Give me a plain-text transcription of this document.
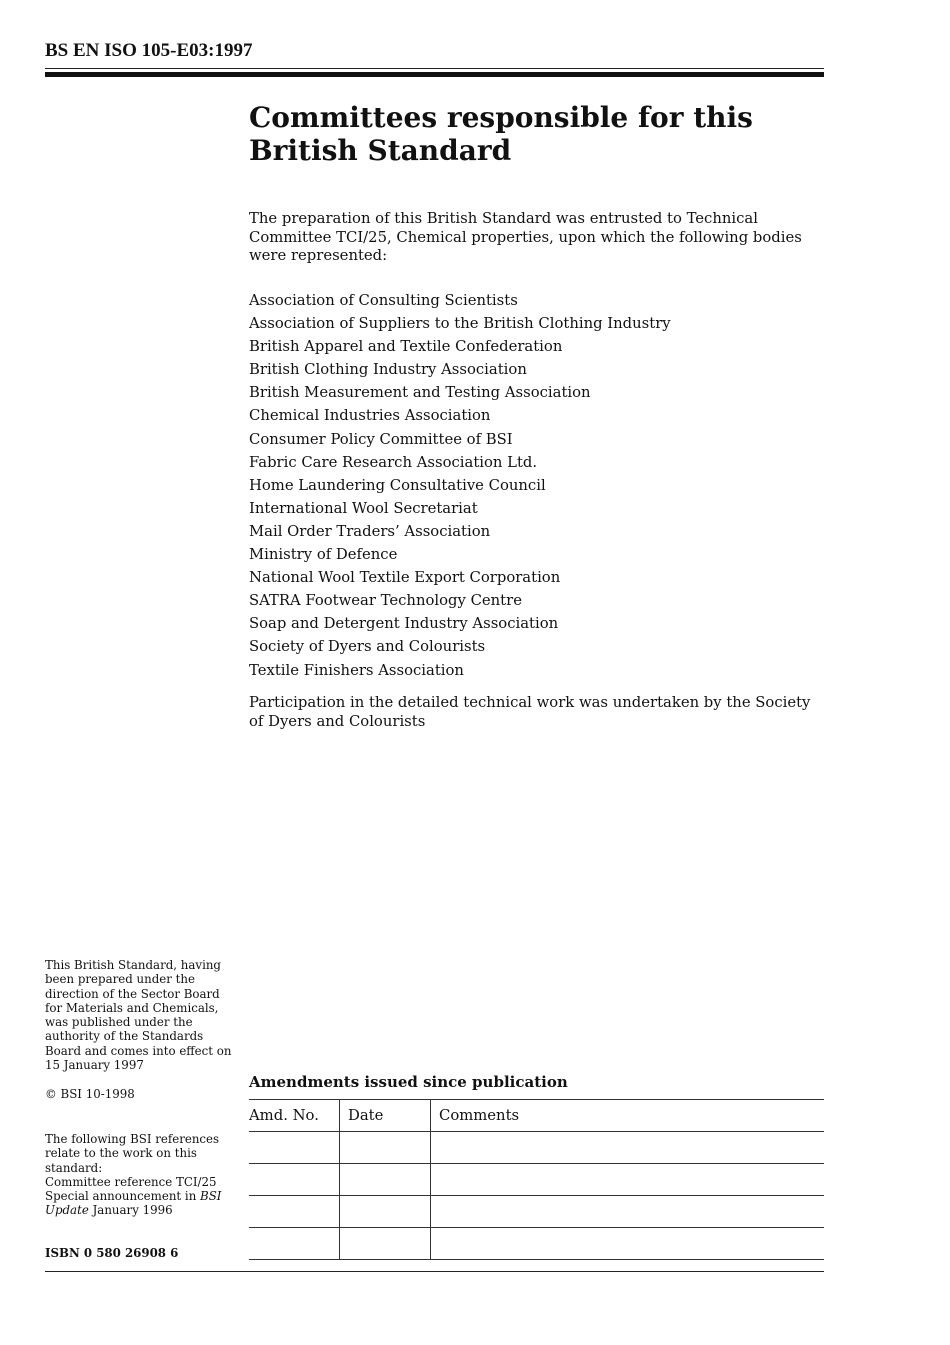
BS EN ISO 105-E03:1997
Committees responsible for this
British Standard
The preparation of this British Standard was entrusted to Technical Committee TCI/25, Chemical properties, upon which the following bodies were represented:
Association of Consulting Scientists
Association of Suppliers to the British Clothing Industry
British Apparel and Textile Confederation
British Clothing Industry Association
British Measurement and Testing Association
Chemical Industries Association
Consumer Policy Committee of BSI
Fabric Care Research Association Ltd.
Home Laundering Consultative Council
International Wool Secretariat
Mail Order Traders’ Association
Ministry of Defence
National Wool Textile Export Corporation
SATRA Footwear Technology Centre
Soap and Detergent Industry Association
Society of Dyers and Colourists
Textile Finishers Association
Participation in the detailed technical work was undertaken by the Society of Dyers and Colourists
This British Standard, having been prepared under the direction of the Sector Board for Materials and Chemicals, was published under the authority of the Standards Board and comes into effect on
15 January 1997
© BSI 10-1998
The following BSI references relate to the work on this standard:
Committee reference TCI/25
Special announcement in BSI Update January 1996
ISBN 0 580 26908 6
Amendments issued since publication
Amd. No.	Date	Comments
